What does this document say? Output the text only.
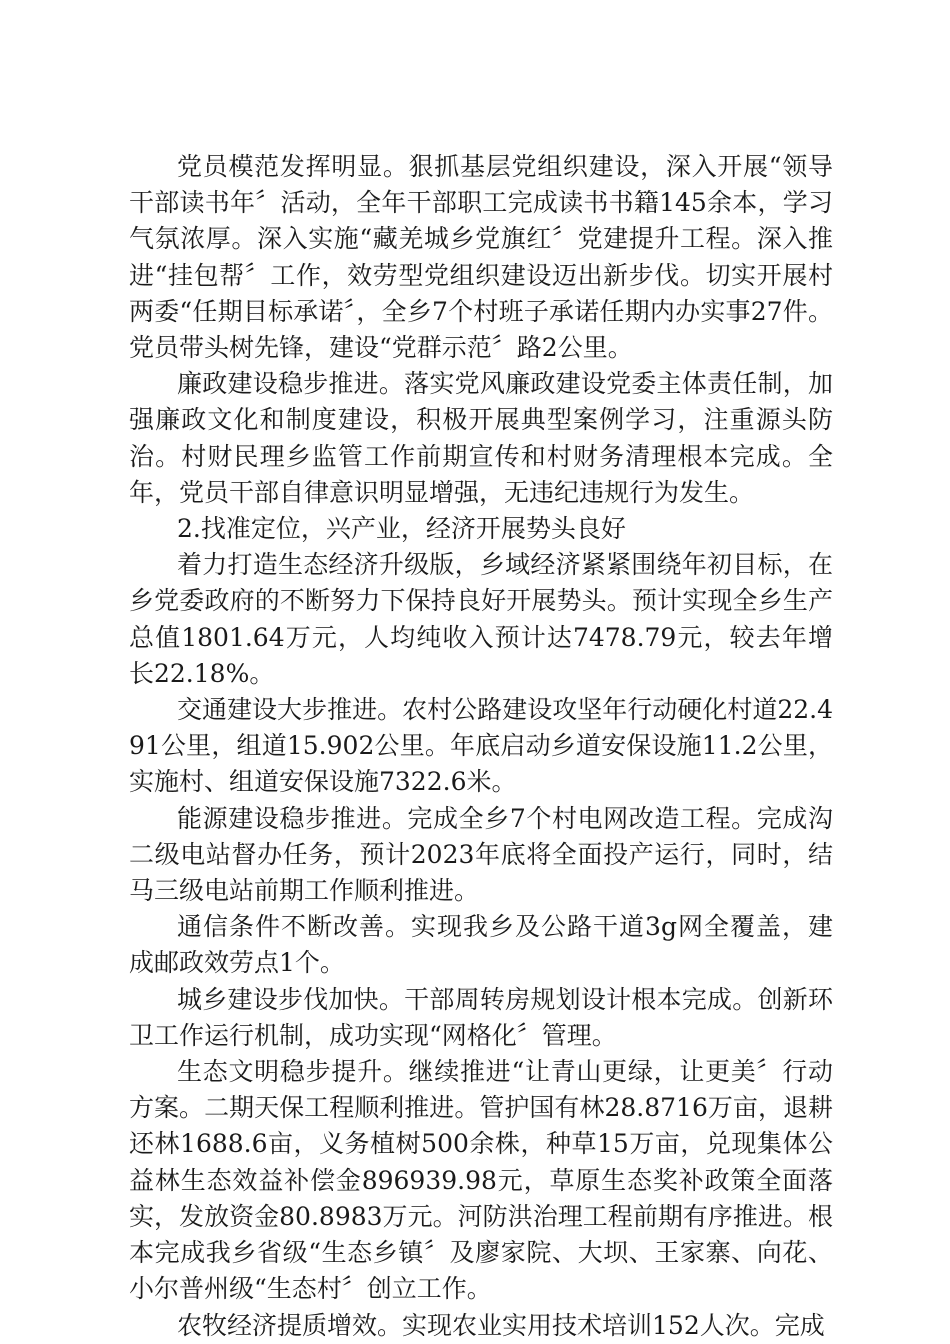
党员模范发挥明显。狠抓基层党组织建设，深入开展“领导干部读书年〞活动，全年干部职工完成读书书籍145余本，学习气氛浓厚。深入实施“藏羌城乡党旗红〞党建提升工程。深入推进“挂包帮〞工作，效劳型党组织建设迈出新步伐。切实开展村两委“任期目标承诺〞，全乡7个村班子承诺任期内办实事27件。党员带头树先锋，建设“党群示范〞路2公里。

廉政建设稳步推进。落实党风廉政建设党委主体责任制，加强廉政文化和制度建设，积极开展典型案例学习，注重源头防治。村财民理乡监管工作前期宣传和村财务清理根本完成。全年，党员干部自律意识明显增强，无违纪违规行为发生。

2.找准定位，兴产业，经济开展势头良好

着力打造生态经济升级版，乡域经济紧紧围绕年初目标，在乡党委政府的不断努力下保持良好开展势头。预计实现全乡生产总值1801.64万元，人均纯收入预计达7478.79元，较去年增长22.18%。

交通建设大步推进。农村公路建设攻坚年行动硬化村道22.491公里，组道15.902公里。年底启动乡道安保设施11.2公里，实施村、组道安保设施7322.6米。

能源建设稳步推进。完成全乡7个村电网改造工程。完成沟二级电站督办任务，预计2023年底将全面投产运行，同时，结马三级电站前期工作顺利推进。

通信条件不断改善。实现我乡及公路干道3g网全覆盖，建成邮政效劳点1个。

城乡建设步伐加快。干部周转房规划设计根本完成。创新环卫工作运行机制，成功实现“网格化〞管理。

生态文明稳步提升。继续推进“让青山更绿，让更美〞行动方案。二期天保工程顺利推进。管护国有林28.8716万亩，退耕还林1688.6亩，义务植树500余株，种草15万亩，兑现集体公益林生态效益补偿金896939.98元，草原生态奖补政策全面落实，发放资金80.8983万元。河防洪治理工程前期有序推进。根本完成我乡省级“生态乡镇〞及廖家院、大坝、王家寨、向花、小尔普州级“生态村〞创立工作。

农牧经济提质增效。实现农业实用技术培训152人次。完成
